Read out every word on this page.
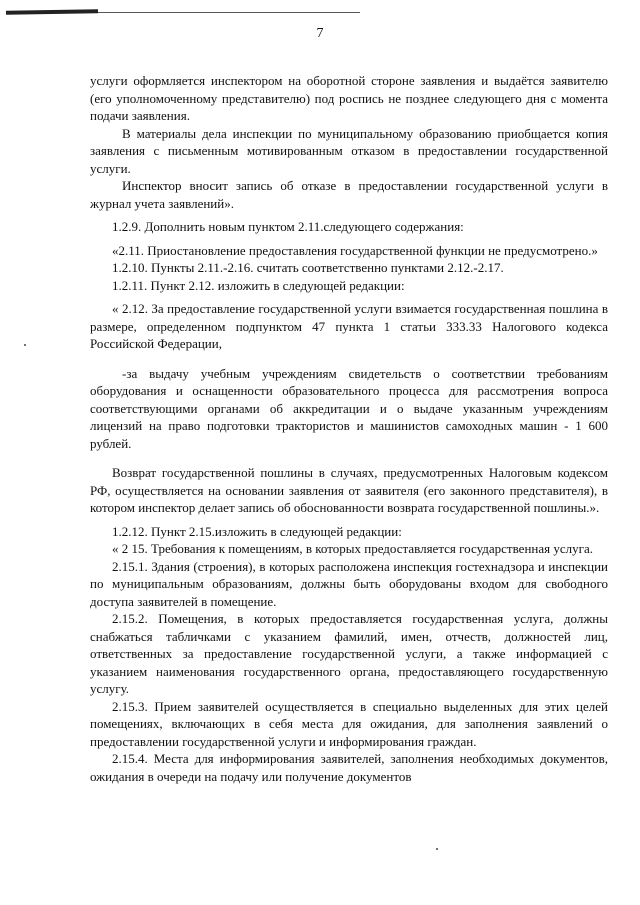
7

услуги оформляется инспектором на оборотной стороне заявления и выдаётся заявителю (его уполномоченному представителю) под роспись не позднее следующего дня с момента подачи заявления.

В материалы дела инспекции по муниципальному образованию приобщается копия заявления с письменным мотивированным отказом в предоставлении государственной услуги.

Инспектор вносит запись об отказе в предоставлении государственной услуги в журнал учета заявлений».

1.2.9. Дополнить новым пунктом 2.11.следующего содержания:

«2.11. Приостановление предоставления государственной функции не предусмотрено.»

1.2.10. Пункты 2.11.-2.16. считать соответственно пунктами 2.12.-2.17.

1.2.11. Пункт 2.12. изложить в следующей редакции:

« 2.12. За предоставление государственной услуги взимается государственная пошлина в размере, определенном подпунктом 47 пункта 1 статьи 333.33 Налогового кодекса Российской Федерации,

-за выдачу учебным учреждениям свидетельств о соответствии требованиям оборудования и оснащенности образовательного процесса для рассмотрения вопроса соответствующими органами об аккредитации и о выдаче указанным учреждениям лицензий на право подготовки трактористов и машинистов самоходных машин - 1 600 рублей.

Возврат государственной пошлины в случаях, предусмотренных Налоговым кодексом РФ, осуществляется на основании заявления от заявителя (его законного представителя), в котором инспектор делает запись об обоснованности возврата государственной пошлины.».

1.2.12. Пункт 2.15.изложить в следующей редакции:

« 2 15. Требования к помещениям, в которых предоставляется государственная услуга.

2.15.1. Здания (строения), в которых расположена инспекция гостехнадзора и инспекции по муниципальным образованиям, должны быть оборудованы входом для свободного доступа заявителей в помещение.

2.15.2. Помещения, в которых предоставляется государственная услуга, должны снабжаться табличками с указанием фамилий, имен, отчеств, должностей лиц, ответственных за предоставление государственной услуги, а также информацией с указанием наименования государственного органа, предоставляющего государственную услугу.

2.15.3. Прием заявителей осуществляется в специально выделенных для этих целей помещениях, включающих в себя места для ожидания, для заполнения заявлений о предоставлении государственной услуги и информирования граждан.

2.15.4. Места для информирования заявителей, заполнения необходимых документов, ожидания в очереди на подачу или получение документов
